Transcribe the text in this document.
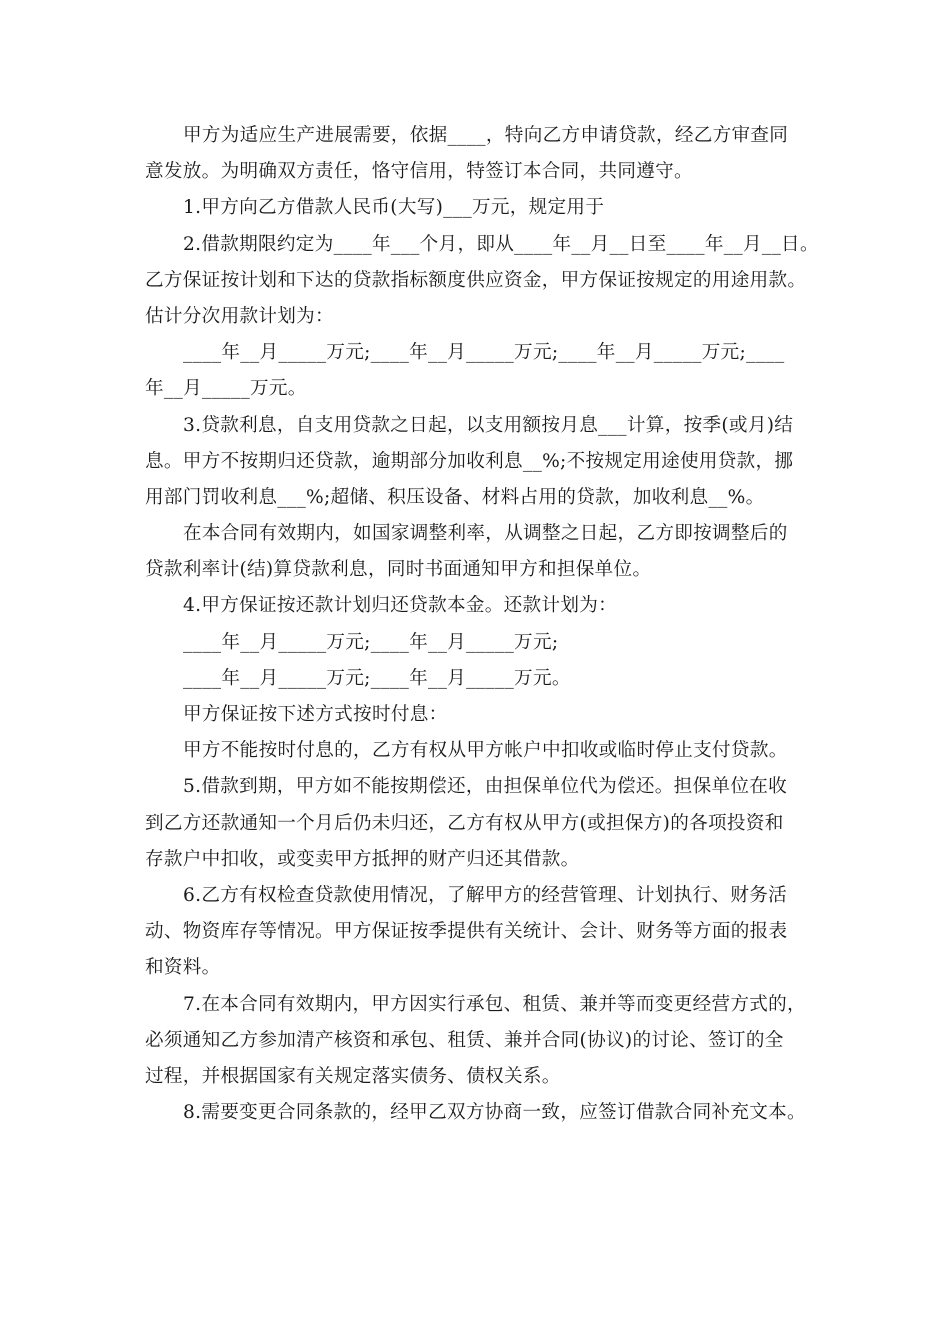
甲方为适应生产进展需要，依据____，特向乙方申请贷款，经乙方审查同
意发放。为明确双方责任，恪守信用，特签订本合同，共同遵守。

1.甲方向乙方借款人民币(大写)___万元，规定用于

2.借款期限约定为____年___个月，即从____年__月__日至____年__月__日。
乙方保证按计划和下达的贷款指标额度供应资金，甲方保证按规定的用途用款。
估计分次用款计划为：

____年__月_____万元;____年__月_____万元;____年__月_____万元;____
年__月_____万元。

3.贷款利息，自支用贷款之日起，以支用额按月息___计算，按季(或月)结
息。甲方不按期归还贷款，逾期部分加收利息__%;不按规定用途使用贷款，挪
用部门罚收利息___%;超储、积压设备、材料占用的贷款，加收利息__%。

在本合同有效期内，如国家调整利率，从调整之日起，乙方即按调整后的
贷款利率计(结)算贷款利息，同时书面通知甲方和担保单位。

4.甲方保证按还款计划归还贷款本金。还款计划为：

____年__月_____万元;____年__月_____万元;

____年__月_____万元;____年__月_____万元。

甲方保证按下述方式按时付息：

甲方不能按时付息的，乙方有权从甲方帐户中扣收或临时停止支付贷款。

5.借款到期，甲方如不能按期偿还，由担保单位代为偿还。担保单位在收
到乙方还款通知一个月后仍未归还，乙方有权从甲方(或担保方)的各项投资和
存款户中扣收，或变卖甲方抵押的财产归还其借款。

6.乙方有权检查贷款使用情况，了解甲方的经营管理、计划执行、财务活
动、物资库存等情况。甲方保证按季提供有关统计、会计、财务等方面的报表
和资料。

7.在本合同有效期内，甲方因实行承包、租赁、兼并等而变更经营方式的，
必须通知乙方参加清产核资和承包、租赁、兼并合同(协议)的讨论、签订的全
过程，并根据国家有关规定落实债务、债权关系。

8.需要变更合同条款的，经甲乙双方协商一致，应签订借款合同补充文本。
